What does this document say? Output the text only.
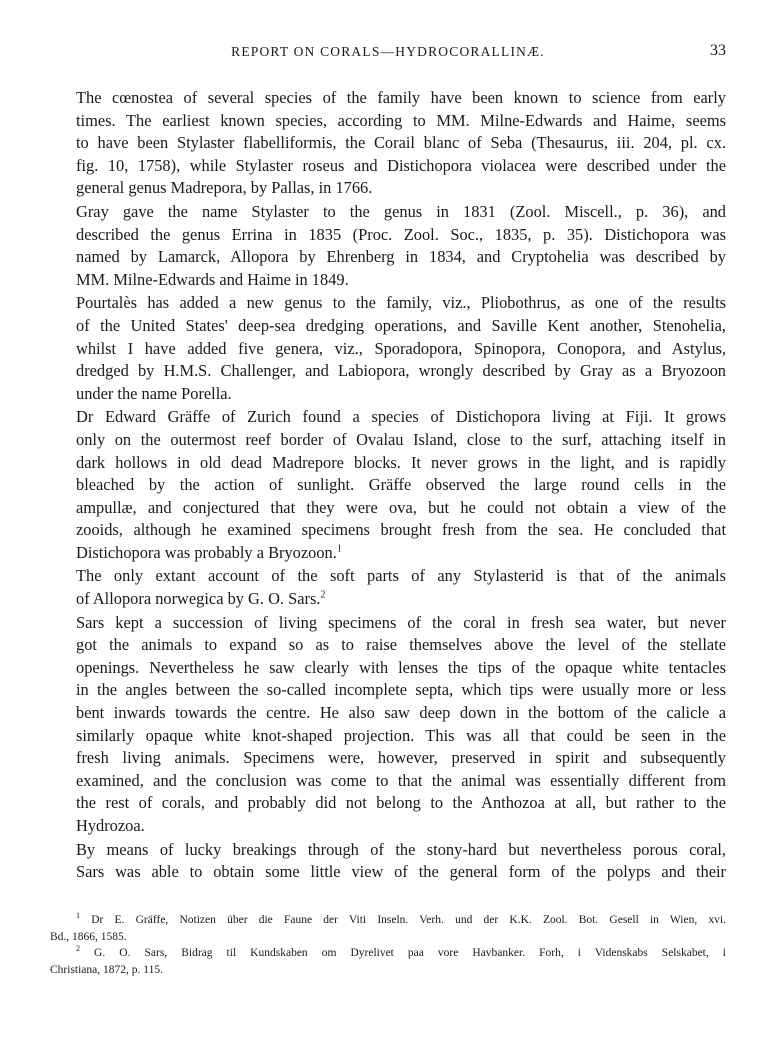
REPORT ON CORALS—HYDROCORALLINÆ.	33

The cœnostea of several species of the family have been known to science from early
times. The earliest known species, according to MM. Milne-Edwards and Haime, seems
to have been Stylaster flabelliformis, the Corail blanc of Seba (Thesaurus, iii. 204, pl. cx.
fig. 10, 1758), while Stylaster roseus and Distichopora violacea were described under the
general genus Madrepora, by Pallas, in 1766.

Gray gave the name Stylaster to the genus in 1831 (Zool. Miscell., p. 36), and
described the genus Errina in 1835 (Proc. Zool. Soc., 1835, p. 35). Distichopora was
named by Lamarck, Allopora by Ehrenberg in 1834, and Cryptohelia was described by
MM. Milne-Edwards and Haime in 1849.

Pourtalès has added a new genus to the family, viz., Pliobothrus, as one of the results
of the United States' deep-sea dredging operations, and Saville Kent another, Stenohelia,
whilst I have added five genera, viz., Sporadopora, Spinopora, Conopora, and Astylus,
dredged by H.M.S. Challenger, and Labiopora, wrongly described by Gray as a Bryozoon
under the name Porella.

Dr Edward Gräffe of Zurich found a species of Distichopora living at Fiji. It grows
only on the outermost reef border of Ovalau Island, close to the surf, attaching itself in
dark hollows in old dead Madrepore blocks. It never grows in the light, and is rapidly
bleached by the action of sunlight. Gräffe observed the large round cells in the
ampullæ, and conjectured that they were ova, but he could not obtain a view of the
zooids, although he examined specimens brought fresh from the sea. He concluded that
Distichopora was probably a Bryozoon.$^1$

The only extant account of the soft parts of any Stylasterid is that of the animals
of Allopora norwegica by G. O. Sars.$^2$

Sars kept a succession of living specimens of the coral in fresh sea water, but never
got the animals to expand so as to raise themselves above the level of the stellate
openings. Nevertheless he saw clearly with lenses the tips of the opaque white tentacles
in the angles between the so-called incomplete septa, which tips were usually more or less
bent inwards towards the centre. He also saw deep down in the bottom of the calicle a
similarly opaque white knot-shaped projection. This was all that could be seen in the
fresh living animals. Specimens were, however, preserved in spirit and subsequently
examined, and the conclusion was come to that the animal was essentially different from
the rest of corals, and probably did not belong to the Anthozoa at all, but rather to the
Hydrozoa.

By means of lucky breakings through of the stony-hard but nevertheless porous coral,
Sars was able to obtain some little view of the general form of the polyps and their

$^1$ Dr E. Gräffe, Notizen über die Faune der Viti Inseln. Verh. und der K.K. Zool. Bot. Gesell in Wien, xvi.
Bd., 1866, 1585.

$^2$ G. O. Sars, Bidrag til Kundskaben om Dyrelivet paa vore Havbanker. Forh, i Videnskabs Selskabet, i
Christiana, 1872, p. 115.
